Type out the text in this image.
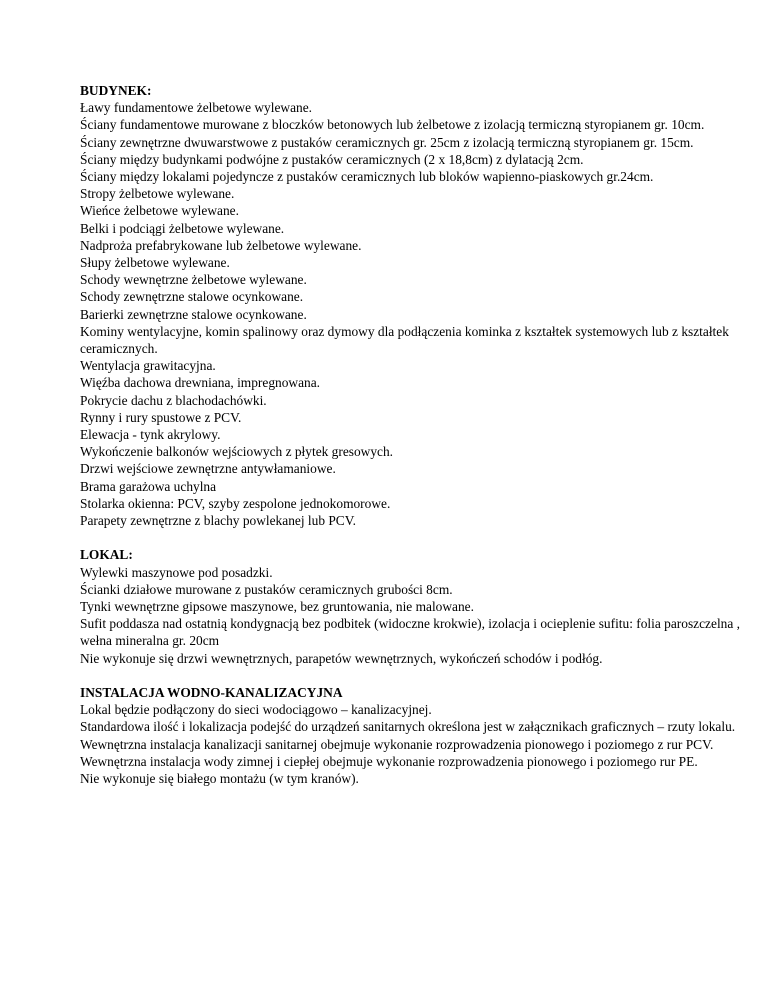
BUDYNEK:
Ławy fundamentowe żelbetowe wylewane.
Ściany fundamentowe murowane z bloczków betonowych lub żelbetowe z izolacją termiczną styropianem gr. 10cm.
Ściany zewnętrzne dwuwarstwowe z pustaków ceramicznych gr. 25cm z izolacją termiczną styropianem gr. 15cm.
Ściany między budynkami podwójne z pustaków ceramicznych (2 x 18,8cm) z dylatacją 2cm.
Ściany między lokalami pojedyncze z pustaków ceramicznych lub bloków wapienno-piaskowych gr.24cm.
Stropy żelbetowe wylewane.
Wieńce żelbetowe wylewane.
Belki i podciągi żelbetowe wylewane.
Nadproża prefabrykowane lub żelbetowe wylewane.
Słupy żelbetowe wylewane.
Schody wewnętrzne żelbetowe wylewane.
Schody zewnętrzne stalowe ocynkowane.
Barierki zewnętrzne stalowe ocynkowane.
Kominy wentylacyjne, komin spalinowy oraz dymowy dla podłączenia kominka z kształtek systemowych lub z kształtek ceramicznych.
Wentylacja grawitacyjna.
Więźba dachowa drewniana, impregnowana.
Pokrycie dachu z blachodachówki.
Rynny i rury spustowe z PCV.
Elewacja - tynk akrylowy.
Wykończenie balkonów wejściowych z płytek gresowych.
Drzwi wejściowe zewnętrzne antywłamaniowe.
Brama garażowa uchylna
Stolarka okienna: PCV, szyby zespolone jednokomorowe.
Parapety zewnętrzne z blachy powlekanej lub PCV.
LOKAL:
Wylewki maszynowe pod posadzki.
Ścianki działowe murowane z pustaków ceramicznych grubości 8cm.
Tynki wewnętrzne gipsowe maszynowe, bez gruntowania, nie malowane.
Sufit poddasza nad ostatnią kondygnacją bez podbitek (widoczne krokwie), izolacja i ocieplenie sufitu: folia paroszczelna , wełna mineralna gr. 20cm
Nie wykonuje się drzwi wewnętrznych, parapetów wewnętrznych, wykończeń schodów i podłóg.
INSTALACJA WODNO-KANALIZACYJNA
Lokal będzie podłączony do sieci wodociągowo – kanalizacyjnej.
Standardowa ilość i lokalizacja podejść do urządzeń sanitarnych określona jest w załącznikach graficznych – rzuty lokalu.
Wewnętrzna instalacja kanalizacji sanitarnej obejmuje wykonanie rozprowadzenia pionowego i poziomego z rur PCV.
Wewnętrzna instalacja wody zimnej i ciepłej obejmuje wykonanie rozprowadzenia pionowego i poziomego rur PE.
Nie wykonuje się białego montażu (w tym kranów).
